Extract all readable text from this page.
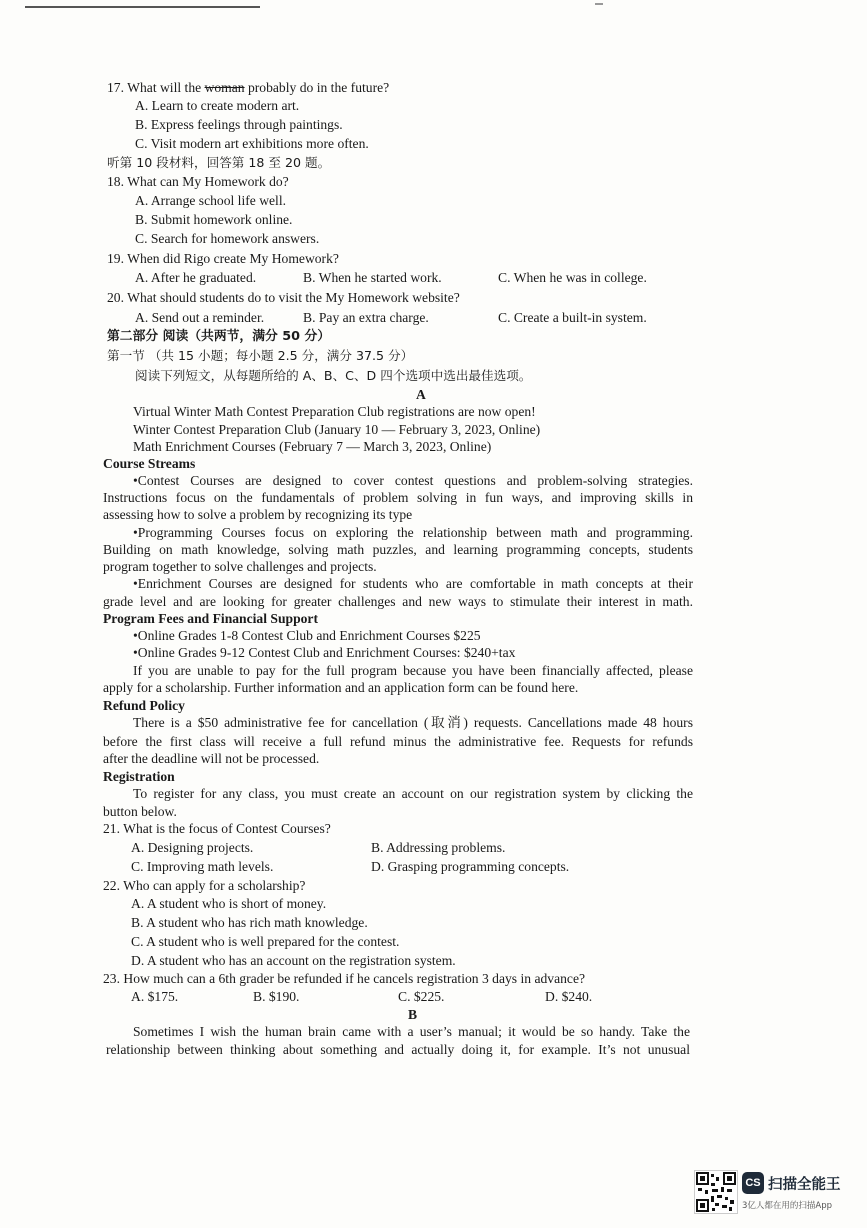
17. What will the woman probably do in the future?
A. Learn to create modern art.
B. Express feelings through paintings.
C. Visit modern art exhibitions more often.
听第 10 段材料，回答第 18 至 20 题。
18. What can My Homework do?
A. Arrange school life well.
B. Submit homework online.
C. Search for homework answers.
19. When did Rigo create My Homework?
A. After he graduated.	B. When he started work.	C. When he was in college.
20. What should students do to visit the My Homework website?
A. Send out a reminder.	B. Pay an extra charge.	C. Create a built-in system.
第二部分 阅读（共两节，满分 50 分）
第一节 （共 15 小题；每小题 2.5 分，满分 37.5 分）
阅读下列短文，从每题所给的 A、B、C、D 四个选项中选出最佳选项。
A
Virtual Winter Math Contest Preparation Club registrations are now open!
Winter Contest Preparation Club (January 10 — February 3, 2023, Online)
Math Enrichment Courses (February 7 — March 3, 2023, Online)
Course Streams
•Contest Courses are designed to cover contest questions and problem-solving strategies.
Instructions focus on the fundamentals of problem solving in fun ways, and improving skills in
assessing how to solve a problem by recognizing its type
•Programming Courses focus on exploring the relationship between math and programming.
Building on math knowledge, solving math puzzles, and learning programming concepts, students
program together to solve challenges and projects.
•Enrichment Courses are designed for students who are comfortable in math concepts at their
grade level and are looking for greater challenges and new ways to stimulate their interest in math.
Program Fees and Financial Support
•Online Grades 1-8 Contest Club and Enrichment Courses $225
•Online Grades 9-12 Contest Club and Enrichment Courses: $240+tax
If you are unable to pay for the full program because you have been financially affected, please
apply for a scholarship. Further information and an application form can be found here.
Refund Policy
There is a $50 administrative fee for cancellation (取消) requests. Cancellations made 48 hours
before the first class will receive a full refund minus the administrative fee. Requests for refunds
after the deadline will not be processed.
Registration
To register for any class, you must create an account on our registration system by clicking the
button below.
21. What is the focus of Contest Courses?
A. Designing projects.	B. Addressing problems.
C. Improving math levels.	D. Grasping programming concepts.
22. Who can apply for a scholarship?
A. A student who is short of money.
B. A student who has rich math knowledge.
C. A student who is well prepared for the contest.
D. A student who has an account on the registration system.
23. How much can a 6th grader be refunded if he cancels registration 3 days in advance?
A. $175.	B. $190.	C. $225.	D. $240.
B
Sometimes I wish the human brain came with a user’s manual; it would be so handy. Take the
relationship between thinking about something and actually doing it, for example. It’s not unusual
CS 扫描全能王
3亿人都在用的扫描App
